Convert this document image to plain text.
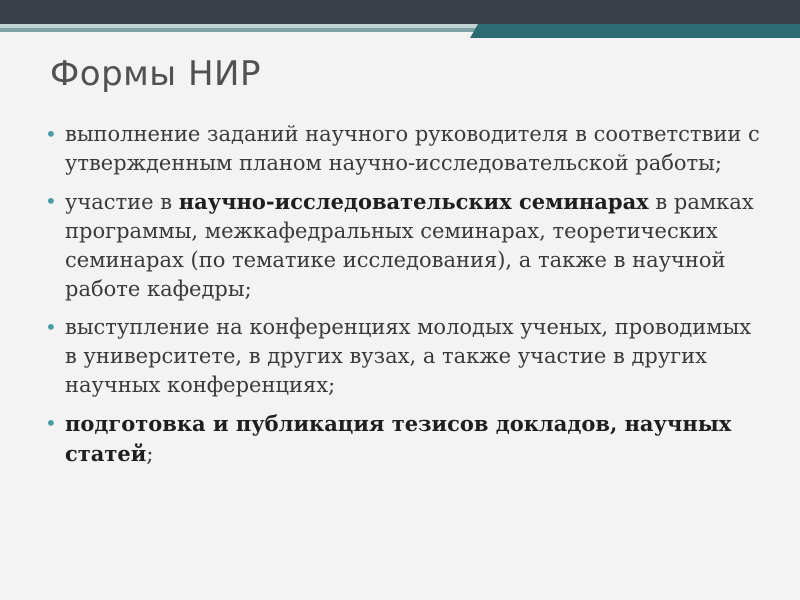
Формы НИР
• выполнение заданий научного руководителя в соответствии с утвержденным планом научно-исследовательской работы;
• участие в научно-исследовательских семинарах в рамках программы, межкафедральных семинарах, теоретических семинарах (по тематике исследования), а также в научной работе кафедры;
• выступление на конференциях молодых ученых, проводимых в университете, в других вузах, а также участие в других научных конференциях;
• подготовка и публикация тезисов докладов, научных статей;
